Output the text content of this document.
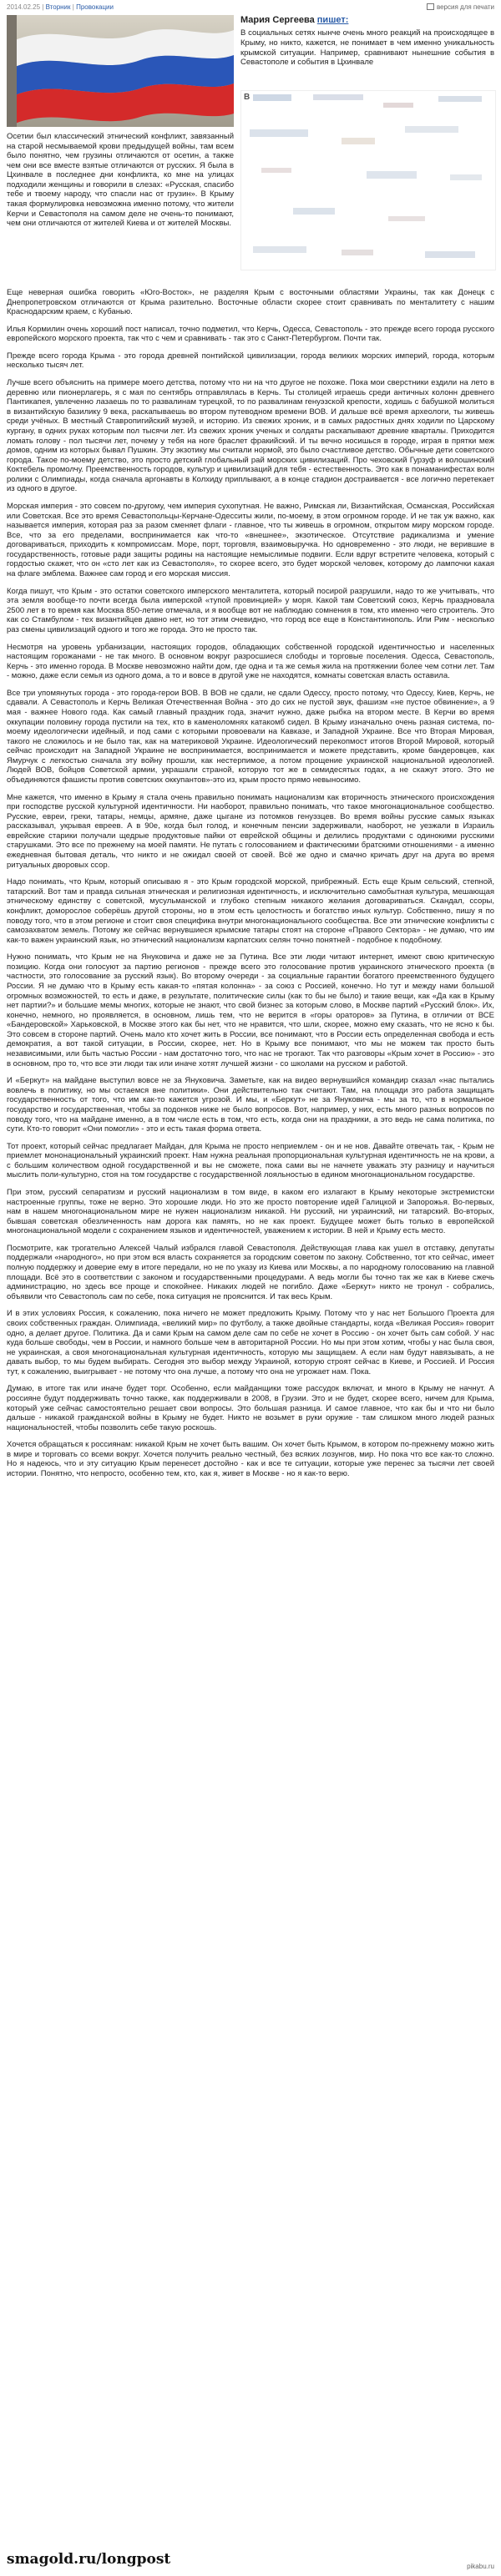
2014.02.25 | Вторник | Провокации	версия для печати
Мария Сергеева пишет:
В социальных сетях нынче очень много реакций на происходящее в Крыму, но никто, кажется, не понимает в чем именно уникальность крымской ситуации. Например, сравнивают нынешние события в Севастополе и события в Цхинвале
В
Осетии был классический этнический конфликт, завязанный на старой несмываемой крови предыдущей войны, там всем было понятно, чем грузины отличаются от осетин, а также чем они все вместе взятые отличаются от русских. Я была в Цхинвале в последнее дни конфликта, ко мне на улицах подходили женщины и говорили в слезах: «Русская, спасибо тебе и твоему народу, что спасли нас от грузин». В Крыму такая формулировка невозможна именно потому, что жители Керчи и Севастополя на самом деле не очень-то понимают, чем они отличаются от жителей Киева и от жителей Москвы.

Еще неверная ошибка говорить «Юго-Восток», не разделяя Крым с восточными областями Украины, так как Донецк с Днепропетровском отличаются от Крыма разительно. Восточные области скорее стоит сравнивать по менталитету с нашим Краснодарским краем, с Кубанью.

Илья Кормилин очень хороший пост написал, точно подметил, что Керчь, Одесса, Севастополь - это прежде всего города русского европейского морского проекта, так что с чем и сравнивать - так это с Санкт-Петербургом. Почти так.

Прежде всего города Крыма - это города древней понтийской цивилизации, города великих морских империй, города, которым несколько тысяч лет.

Лучше всего объяснить на примере моего детства, потому что ни на что другое не похоже. Пока мои сверстники ездили на лето в деревню или пионерлагерь, я с мая по сентябрь отправлялась в Керчь. Ты столицей играешь среди античных колонн древнего Пантикапея, увлеченно лазаешь по то развалинам турецкой, то по развалинам генуэзской крепости, ходишь с бабушкой молиться в византийскую базилику 9 века, раскапываешь во втором путеводном времени ВОВ. И дальше всё время археологи, ты живешь среди учёных. В местный Ставропигийский музей, и историю. Из свежих хроник, и в самых радостных днях ходили по Царскому кургану, в одних руках которым пол тысячи лет. Из свежих хроник ученых и солдаты раскапывают древние кварталы. Приходится ломать голову - пол тысячи лет, почему у тебя на ноге браслет фракийский. И ты вечно носишься в городе, играя в прятки меж домов, одним из которых бывал Пушкин. Эту экзотику мы считали нормой, это было счастливое детство. Обычные дети советского города. Такое по-моему детство, это просто детский глобальный рай морских цивилизаций. Про чеховский Гурзуф и волошинский Коктебель промолчу. Преемственность городов, культур и цивилизаций для тебя - естественность. Это как в понаманифестах волн ролики с Олимпиады, когда сначала аргонавты в Колхиду приплывают, а в конце стадион достраивается - все логично перетекает из одного в другое.

Морская империя - это совсем по-другому, чем империя сухопутная. Не важно, Римская ли, Византийская, Османская, Российская или Советская. Все это время Севастопольцы-Керчане-Одесситы жили, по-моему, в этом огромном городе. И не так уж важно, как называется империя, которая раз за разом сменяет флаги - главное, что ты живешь в огромном, открытом миру морском городе. Все, что за его пределами, воспринимается как что-то «внешнее», экзотическое. Отсутствие радикализма и умение договариваться, приходить к компромиссам. Море, порт, торговля, взаимовыручка. Но одновременно - это люди, не верившие в государственность, готовые ради защиты родины на настоящие немыслимые подвиги. Если вдруг встретите человека, который с гордостью скажет, что он «сто лет как из Севастополя», то скорее всего, это будет морской человек, которому до лампочки какая на флаге эмблема. Важнее сам город и его морская миссия.

Когда пишут, что Крым - это остатки советского имперского менталитета, который посирой разрушили, надо то же учитывать, что эта земля вообще-то почти всегда была имперской «тупой провинцией» у моря. Какой там Советский союз, Керчь праздновала 2500 лет в то время как Москва 850-летие отмечала, и я вообще вот не наблюдаю сомнения в том, кто именно чего строитель. Это как со Стамбулом - тех византийцев давно нет, но тот этим очевидно, что город все еще в Константинополь. Или Рим - несколько раз смены цивилизаций одного и того же города. Это не просто так.

Несмотря на уровень урбанизации, настоящих городов, обладающих собственной городской идентичностью и населенных настоящим горожанами - не так много. В основном вокруг разросшиеся слободы и торговые поселения. Одесса, Севастополь, Керчь - это именно города. В Москве невозможно найти дом, где одна и та же семья жила на протяжении более чем сотни лет. Там - можно, даже если семья из одного дома, а то и вовсе в другой уже не находятся, комнаты советская власть оставила.

Все три упомянутых города - это города-герои ВОВ. В ВОВ не сдали, не сдали Одессу, просто потому, что Одессу, Киев, Керчь, не сдавали. А Севастополь и Керчь Великая Отечественная Война - это до сих не пустой звук, фашизм «не пустое обвинение», а 9 мая - важнее Нового года. Как самый главный праздник года, значит нужно, даже рыбка на втором месте. В Керчи во время оккупации половину города пустили на тех, кто в каменоломнях катакомб сидел. В Крыму изначально очень разная система, по-моему идеологически идейный, и под сами с которыми провоевали на Кавказе, и Западной Украине. Все что Вторая Мировая, такого не сложилось и не было так, как на материковой Украине. Идеологический перекопмост итогов Второй Мировой, который сейчас происходит на Западной Украине не воспринимается, воспринимается и можете представить, кроме бандеровцев, как Ямурчук с легкостью сначала эту войну прошли, как нестерпимое, а потом прощение украинской национальной идеологией. Людей ВОВ, бойцов Советской армии, украшали страной, которую тот же в семидесятых годах, а не скажут этого. Это не объединяются фашисты против советских оккупантов»-это из, крым просто прямо невыносимо.

Мне кажется, что именно в Крыму я стала очень правильно понимать национализм как вторичность этнического происхождения при господстве русской культурной идентичности. Ни наоборот, правильно понимать, что такое многонациональное сообщество. Русские, евреи, греки, татары, немцы, армяне, даже цыгане из потомков генуэзцев. Во время войны русские самых языках рассказывал, укрывая евреев. А в 90е, когда был голод, и конечным пенсии задерживали, наоборот, не уезжали в Израиль еврейские старики получали щедрые продуктовые пайки от еврейской общины и делились продуктами с одинокими русскими старушками. Это все по прежнему на моей памяти. Не путать с голосованием и фактическими братскими отношениями - а именно ежедневная бытовая деталь, что никто и не ожидал своей от своей. Всё же одно и смачно кричать друг на друга во время ритуальных дворовых ссор.

Надо понимать, что Крым, который описываю я - это Крым городской морской, прибрежный. Есть еще Крым сельский, степной, татарский. Вот там и правда сильная этническая и религиозная идентичность, и исключительно самобытная культура, мешающая этническому единству с советской, мусульманской и глубоко степным никакого желания договариваться. Скандал, ссоры, конфликт, доморослое соберёшь другой стороны, но в этом есть целостность и богатство иных культур. Собственно, пишу я по поводу того, что в этом регионе и стоит своя специфика внутри многонационального сообщества. Все эти этнические конфликты с самозахватом земель. Потому же сейчас вернувшиеся крымские татары стоят на стороне «Правого Сектора» - не думаю, что им как-то важен украинский язык, но этнический национализм карпатских селян точно понятней - подобное к подобному.

Нужно понимать, что Крым не на Януковича и даже не за Путина. Все эти люди читают интернет, имеют свою критическую позицию. Когда они голосуют за партию регионов - прежде всего это голосование против украинского этнического проекта (в частности, это голосование за русский язык). Во второму очереди - за социальные гарантии богатого преемственного будущего России. Я не думаю что в Крыму есть какая-то «пятая колонна» - за союз с Россией, конечно. Но тут и между нами большой огромных возможностей, то есть и даже, в результате, политические силы (как то бы не было) и такие вещи, как «Да как в Крыму нет партии?» и большие мемы многих, которые не знают, что свой бизнес за которым слово, в Москве партий «Русский блок». Их, конечно, немного, но проявляется, в основном, лишь тем, что не верится в «горы ораторов» за Путина, в отличии от ВСЕ «Бандеровской» Харьковской, в Москве этого как бы нет, что не нравится, что шли, скорее, можно ему сказать, что не ясно к бы. Это совсем в стороне партий. Очень мало кто хочет жить в России, все понимают, что в России есть определенная свобода и есть демократия, а вот такой ситуации, в России, скорее, нет. Но в Крыму все понимают, что мы не можем так просто быть независимыми, или быть частью России - нам достаточно того, что нас не трогают. Так что разговоры «Крым хочет в Россию» - это в основном, про то, что все эти люди так или иначе хотят лучшей жизни - со школами на русском и работой.

И «Беркут» на майдане выступил вовсе не за Януковича. Заметьте, как на видео вернувшийся командир сказал «нас пытались вовлечь в политику, но мы остаемся вне политики». Они действительно так считают. Там, на площади это работа защищать государственность от того, что им как-то кажется угрозой. И мы, и «Беркут» не за Януковича - мы за то, что в нормальное государство и государственная, чтобы за подонков ниже не было вопросов. Вот, например, у них, есть много разных вопросов по поводу того, что на майдане именно, а в том числе есть в том, что есть, когда они на праздники, а это ведь не сама политика, по сути. Кто-то говорит «Они помогли» - это и есть такая форма ответа.

Тот проект, который сейчас предлагает Майдан, для Крыма не просто неприемлем - он и не нов. Давайте отвечать так, - Крым не приемлет мононациональный украинский проект. Нам нужна реальная пропорциональная культурная идентичность не на крови, а с большим количеством одной государственной и вы не сможете, пока сами вы не начнете уважать эту разницу и научиться мыслить поли-культурно, стоя на том государстве с государственной лояльностью в едином многонациональном государстве.

При этом, русский сепаратизм и русский национализм в том виде, в каком его излагают в Крыму некоторые экстремистски настроенные группы, тоже не верно. Это хорошие люди. Но это же просто повторение идей Галицкой и Запорожья. Во-первых, нам в нашем многонациональном мире не нужен национализм никакой. Ни русский, ни украинский, ни татарский. Во-вторых, бывшая советская обезличенность нам дорога как память, но не как проект. Будущее может быть только в европейской многонациональной модели с сохранением языков и идентичностей, уважением к истории. В ней и Крыму есть место.

Посмотрите, как трогательно Алексей Чалый избрался главой Севастополя. Действующая глава как ушел в отставку, депутаты поддержали «народного», но при этом вся власть сохраняется за городским советом по закону. Собственно, тот кто сейчас, имеет полную поддержку и доверие ему в итоге передали, но не по указу из Киева или Москвы, а по народному голосованию на главной площади. Всё это в соответствии с законом и государственными процедурами. А ведь могли бы точно так же как в Киеве сжечь администрацию, но здесь все проще и спокойнее. Никаких людей не погибло. Даже «Беркут» никто не тронул - собрались, объявили что Севастополь сам по себе, пока ситуация не прояснится. И так весь Крым.

И в этих условиях Россия, к сожалению, пока ничего не может предложить Крыму. Потому что у нас нет Большого Проекта для своих собственных граждан. Олимпиада, «великий мир» по футболу, а также двойные стандарты, когда «Великая Россия» говорит одно, а делает другое. Политика. Да и сами Крым на самом деле сам по себе не хочет в Россию - он хочет быть сам собой. У нас куда больше свободы, чем в России, и намного больше чем в авторитарной России. Но мы при этом хотим, чтобы у нас была своя, не украинская, а своя многонациональная культурная идентичность, которую мы защищаем. А если нам будут навязывать, а не давать выбор, то мы будем выбирать. Сегодня это выбор между Украиной, которую строят сейчас в Киеве, и Россией. И Россия тут, к сожалению, выигрывает - не потому что она лучше, а потому что она не угрожает нам. Пока.

Думаю, в итоге так или иначе будет торг. Особенно, если майданщики тоже рассудок включат, и много в Крыму не начнут. А россияне будут поддерживать точно также, как поддерживали в 2008, в Грузии. Это и не будет, скорее всего, ничем для Крыма, который уже сейчас самостоятельно решает свои вопросы. Это большая разница. И самое главное, что как бы и что ни было дальше - никакой гражданской войны в Крыму не будет. Никто не возьмет в руки оружие - там слишком много людей разных национальностей, чтобы позволить себе такую роскошь.

Хочется обращаться к россиянам: никакой Крым не хочет быть вашим. Он хочет быть Крымом, в котором по-прежнему можно жить в мире и торговать со всеми вокруг. Хочется получить реально честный, без всяких лозунгов, мир. Но пока что все как-то сложно. Но я надеюсь, что и эту ситуацию Крым перенесет достойно - как и все те ситуации, которые уже перенес за тысячи лет своей истории. Понятно, что непросто, особенно тем, кто, как я, живет в Москве - но я как-то верю.

smagold.ru/longpost	pikabu.ru
